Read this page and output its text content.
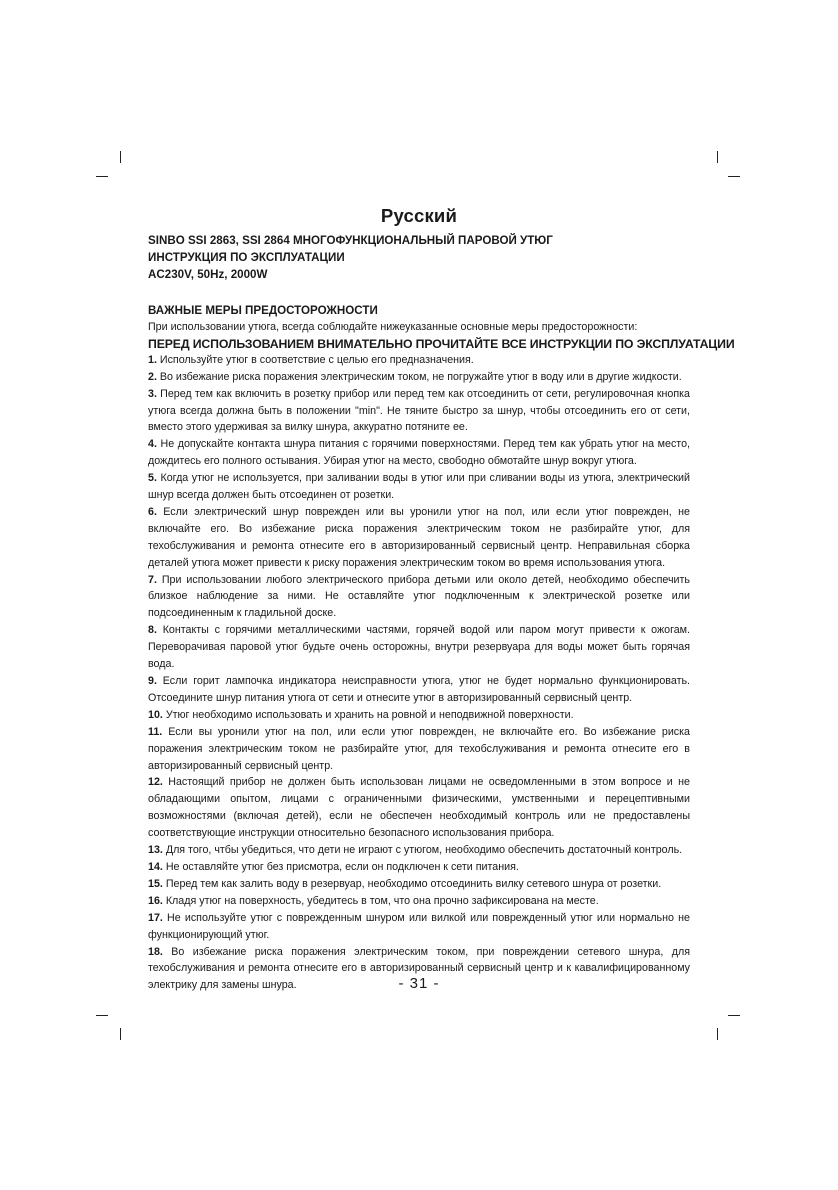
Русский
SINBO SSI 2863, SSI 2864 МНОГОФУНКЦИОНАЛЬНЫЙ ПАРОВОЙ УТЮГ
ИНСТРУКЦИЯ ПО ЭКСПЛУАТАЦИИ
AC230V, 50Hz, 2000W
ВАЖНЫЕ МЕРЫ ПРЕДОСТОРОЖНОСТИ
При использовании утюга, всегда соблюдайте нижеуказанные основные меры предосторожности:
ПЕРЕД ИСПОЛЬЗОВАНИЕМ ВНИМАТЕЛЬНО ПРОЧИТАЙТЕ ВСЕ ИНСТРУКЦИИ ПО ЭКСПЛУАТАЦИИ
1. Используйте утюг в соответствие с целью его предназначения.
2. Во избежание риска поражения электрическим током, не погружайте утюг в воду или в другие жидкости.
3. Перед тем как включить в розетку прибор или перед тем как отсоединить от сети, регулировочная кнопка утюга всегда должна быть в положении "min". Не тяните быстро за шнур, чтобы отсоединить его от сети, вместо этого удерживая за вилку шнура, аккуратно потяните ее.
4. Не допускайте контакта шнура питания с горячими поверхностями. Перед тем как убрать утюг на место, дождитесь его полного остывания. Убирая утюг на место, свободно обмотайте шнур вокруг утюга.
5. Когда утюг не используется, при заливании воды в утюг или при сливании воды из утюга, электрический шнур всегда должен быть отсоединен от розетки.
6. Если электрический шнур поврежден или вы уронили утюг на пол, или если утюг поврежден, не включайте его. Во избежание риска поражения электрическим током не разбирайте утюг, для техобслуживания и ремонта отнесите его в авторизированный сервисный центр. Неправильная сборка деталей утюга может привести к риску поражения электрическим током во время использования утюга.
7. При использовании любого электрического прибора детьми или около детей, необходимо обеспечить близкое наблюдение за ними. Не оставляйте утюг подключенным к электрической розетке или подсоединенным к гладильной доске.
8. Контакты с горячими металлическими частями, горячей водой или паром могут привести к ожогам. Переворачивая паровой утюг будьте очень осторожны, внутри резервуара для воды может быть горячая вода.
9. Если горит лампочка индикатора неисправности утюга, утюг не будет нормально функционировать. Отсоедините шнур питания утюга от сети и отнесите утюг в авторизированный сервисный центр.
10. Утюг необходимо использовать и хранить на ровной и неподвижной поверхности.
11. Если вы уронили утюг на пол, или если утюг поврежден, не включайте его. Во избежание риска поражения электрическим током не разбирайте утюг, для техобслуживания и ремонта отнесите его в авторизированный сервисный центр.
12. Настоящий прибор не должен быть использован лицами не осведомленными в этом вопросе и не обладающими опытом, лицами с ограниченными физическими, умственными и перецептивными возможностями (включая детей), если не обеспечен необходимый контроль или не предоставлены соответствующие инструкции относительно безопасного использования прибора.
13. Для того, чтбы убедиться, что дети не играют с утюгом, необходимо обеспечить достаточный контроль.
14. Не оставляйте утюг без присмотра, если он подключен к сети питания.
15. Перед тем как залить воду в резервуар, необходимо отсоединить вилку сетевого шнура от розетки.
16. Кладя утюг на поверхность, убедитесь в том, что она прочно зафиксирована на месте.
17. Не используйте утюг с поврежденным шнуром или вилкой или поврежденный утюг или нормально не функционирующий утюг.
18. Во избежание риска поражения электрическим током, при повреждении сетевого шнура, для техобслуживания и ремонта отнесите его в авторизированный сервисный центр и к кавалифицированному электрику для замены шнура.	- 31 -
